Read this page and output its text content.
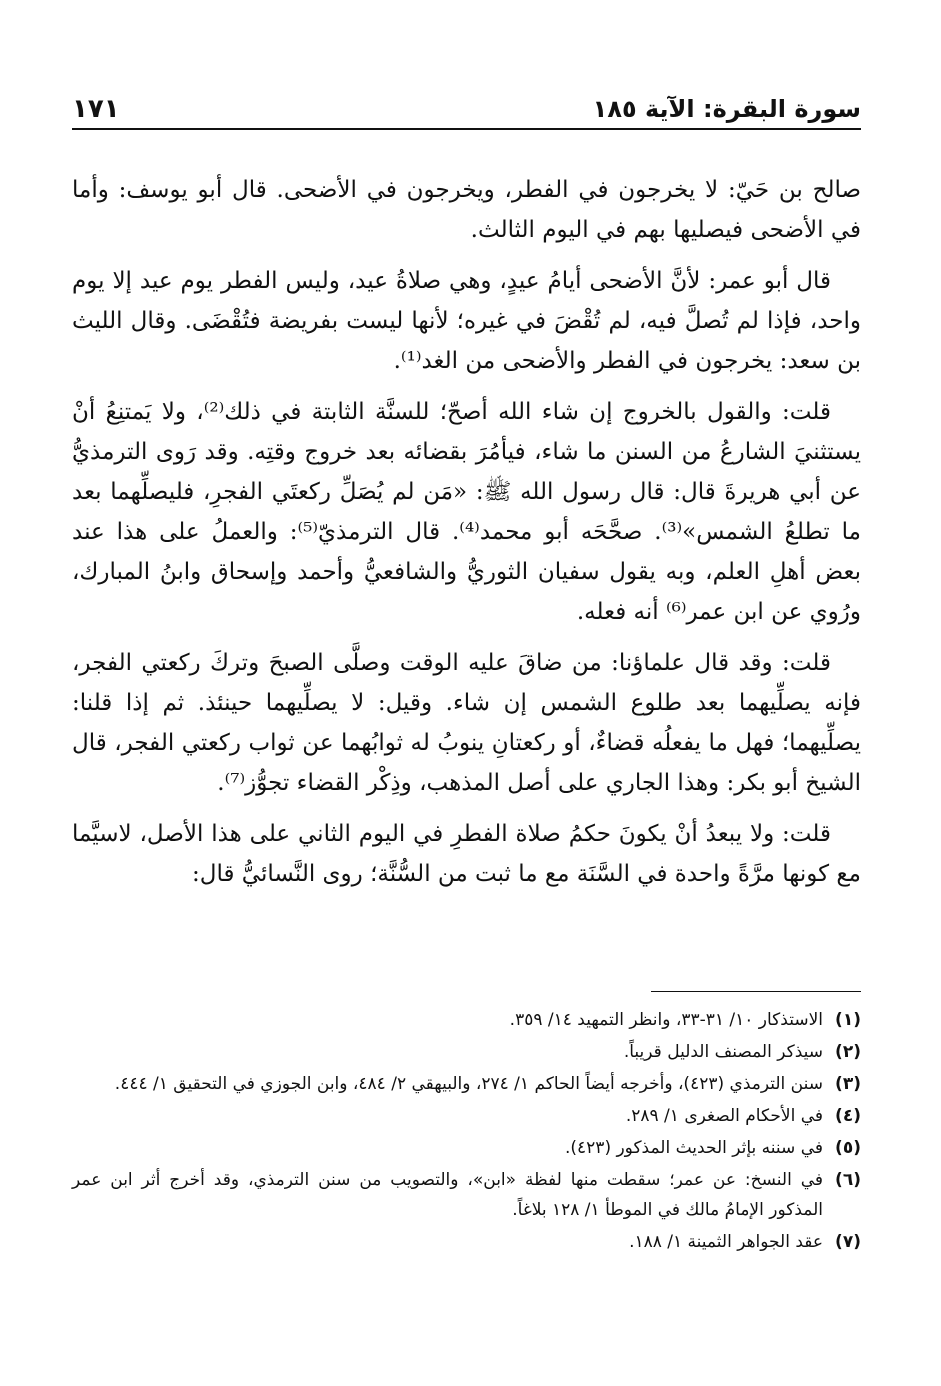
سورة البقرة: الآية ١٨٥
١٧١

صالح بن حَيّ: لا يخرجون في الفطر، ويخرجون في الأضحى. قال أبو يوسف: وأما في الأضحى فيصليها بهم في اليوم الثالث.

قال أبو عمر: لأنَّ الأضحى أيامُ عيدٍ، وهي صلاةُ عيد، وليس الفطر يوم عيد إلا يوم واحد، فإذا لم تُصلَّ فيه، لم تُقْضَ في غيره؛ لأنها ليست بفريضة فتُقْضَى. وقال الليث بن سعد: يخرجون في الفطر والأضحى من الغد⁽¹⁾.

قلت: والقول بالخروج إن شاء الله أصحّ؛ للسنَّة الثابتة في ذلك⁽²⁾، ولا يَمتنِعُ أنْ يستثنيَ الشارعُ من السنن ما شاء، فيأمُرَ بقضائه بعد خروج وقتِه. وقد رَوى الترمذيُّ عن أبي هريرةَ قال: قال رسول الله ﷺ: «مَن لم يُصَلِّ ركعتَي الفجرِ، فليصلِّهما بعد ما تطلعُ الشمس»⁽³⁾. صحَّحَه أبو محمد⁽⁴⁾. قال الترمذيّ⁽⁵⁾: والعملُ على هذا عند بعض أهلِ العلم، وبه يقول سفيان الثوريُّ والشافعيُّ وأحمد وإسحاق وابنُ المبارك، ورُوي عن ابن عمر⁽⁶⁾ أنه فعله.

قلت: وقد قال علماؤنا: من ضاقَ عليه الوقت وصلَّى الصبحَ وتركَ ركعتي الفجر، فإنه يصلِّيهما بعد طلوع الشمس إن شاء. وقيل: لا يصلِّيهما حينئذ. ثم إذا قلنا: يصلِّيهما؛ فهل ما يفعلُه قضاءٌ، أو ركعتانِ ينوبُ له ثوابُهما عن ثواب ركعتي الفجر، قال الشيخ أبو بكر: وهذا الجاري على أصل المذهب، وذِكْر القضاء تجوُّز⁽⁷⁾.

قلت: ولا يبعدُ أنْ يكونَ حكمُ صلاة الفطرِ في اليوم الثاني على هذا الأصل، لاسيَّما مع كونها مرَّةً واحدة في السَّنَة مع ما ثبت من السُّنَّة؛ روى النَّسائيُّ قال:

(١)
الاستذكار ١٠/ ٣١-٣٣، وانظر التمهيد ١٤/ ٣٥٩.
(٢)
سيذكر المصنف الدليل قريباً.
(٣)
سنن الترمذي (٤٢٣)، وأخرجه أيضاً الحاكم ١/ ٢٧٤، والبيهقي ٢/ ٤٨٤، وابن الجوزي في التحقيق ١/ ٤٤٤.
(٤)
في الأحكام الصغرى ١/ ٢٨٩.
(٥)
في سننه بإثر الحديث المذكور (٤٢٣).
(٦)
في النسخ: عن عمر؛ سقطت منها لفظة «ابن»، والتصويب من سنن الترمذي، وقد أخرج أثر ابن عمر المذكور الإمامُ مالك في الموطأ ١/ ١٢٨ بلاغاً.
(٧)
عقد الجواهر الثمينة ١/ ١٨٨.
